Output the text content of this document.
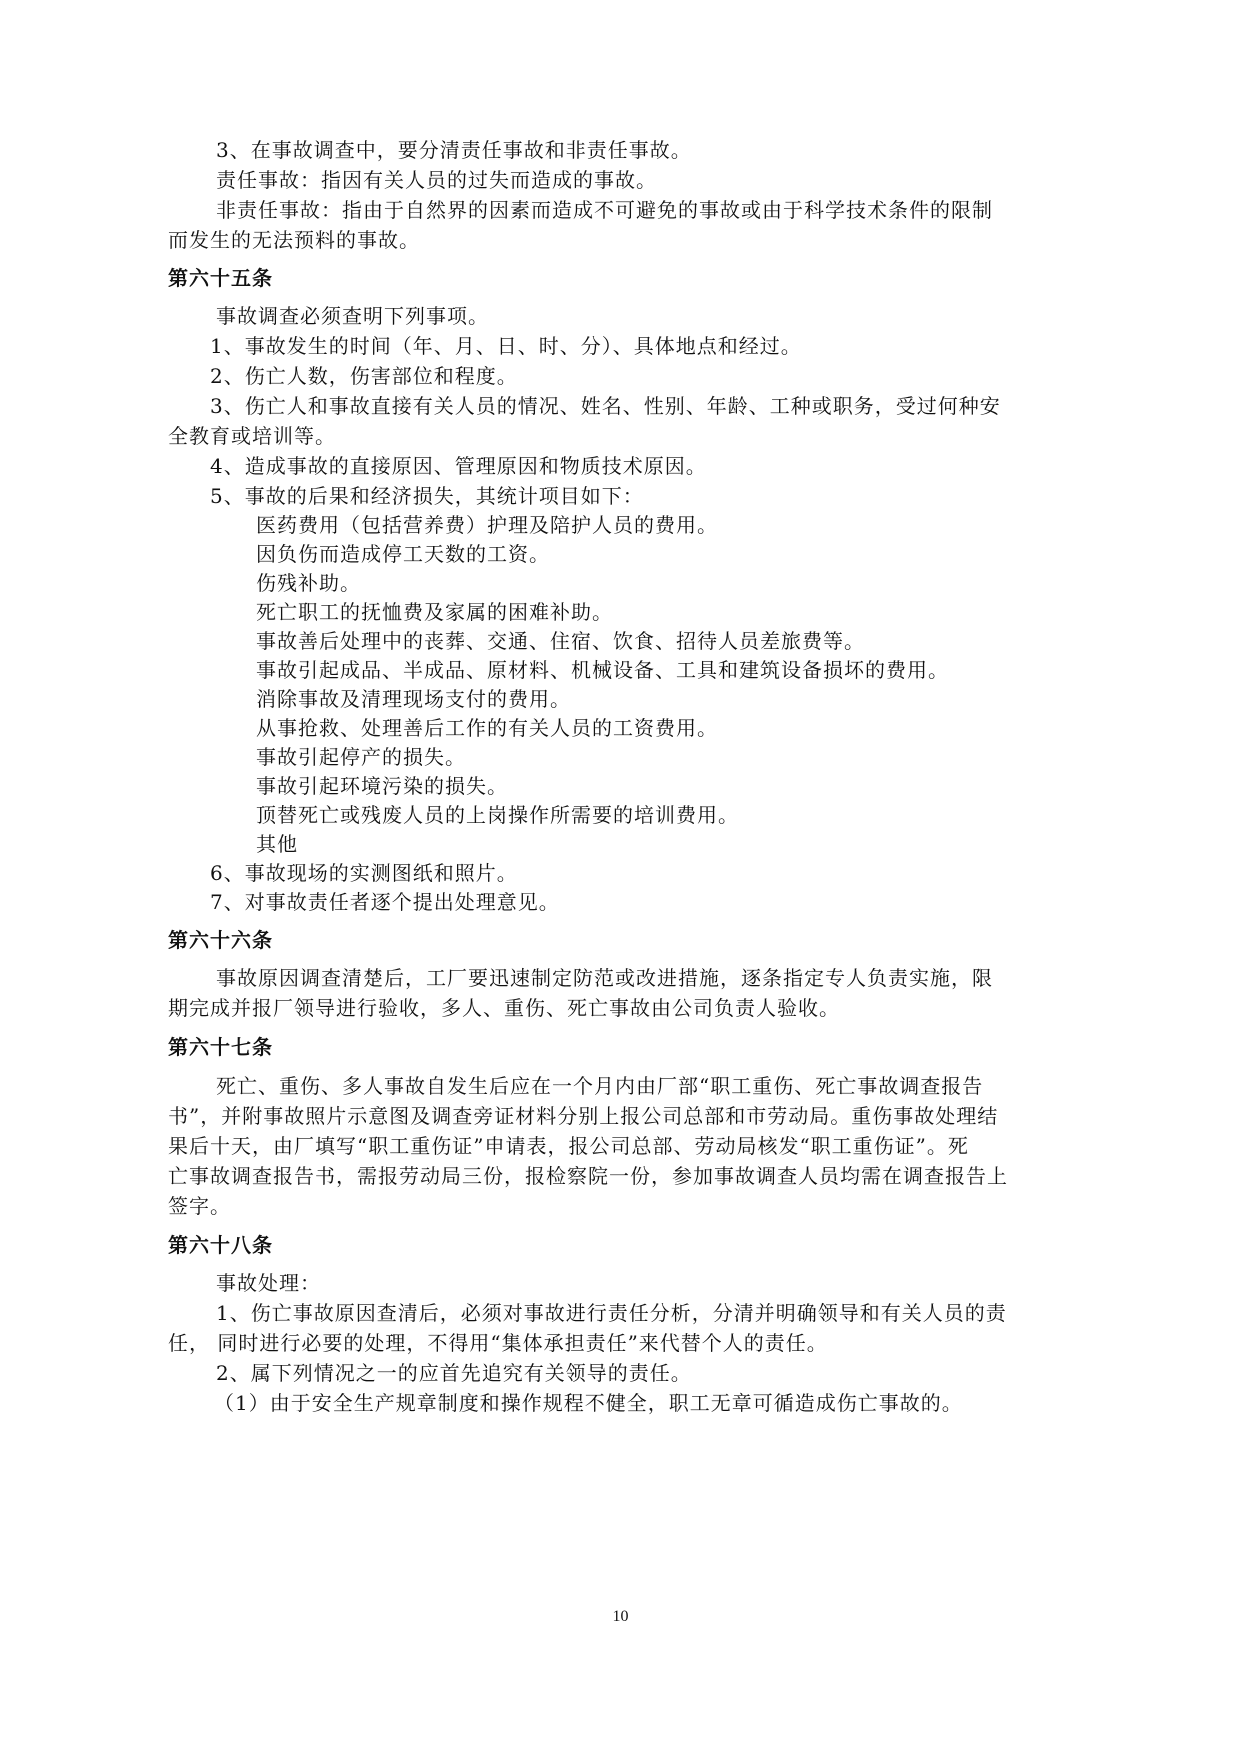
3、在事故调查中，要分清责任事故和非责任事故。
责任事故：指因有关人员的过失而造成的事故。
非责任事故：指由于自然界的因素而造成不可避免的事故或由于科学技术条件的限制
而发生的无法预料的事故。
第六十五条
事故调查必须查明下列事项。
1、事故发生的时间（年、月、日、时、分）、具体地点和经过。
2、伤亡人数，伤害部位和程度。
3、伤亡人和事故直接有关人员的情况、姓名、性别、年龄、工种或职务，受过何种安
全教育或培训等。
4、造成事故的直接原因、管理原因和物质技术原因。
5、事故的后果和经济损失，其统计项目如下：
医药费用（包括营养费）护理及陪护人员的费用。
因负伤而造成停工天数的工资。
伤残补助。
死亡职工的抚恤费及家属的困难补助。
事故善后处理中的丧葬、交通、住宿、饮食、招待人员差旅费等。
事故引起成品、半成品、原材料、机械设备、工具和建筑设备损坏的费用。
消除事故及清理现场支付的费用。
从事抢救、处理善后工作的有关人员的工资费用。
事故引起停产的损失。
事故引起环境污染的损失。
顶替死亡或残废人员的上岗操作所需要的培训费用。
其他
6、事故现场的实测图纸和照片。
7、对事故责任者逐个提出处理意见。
第六十六条
事故原因调查清楚后，工厂要迅速制定防范或改进措施，逐条指定专人负责实施，限
期完成并报厂领导进行验收，多人、重伤、死亡事故由公司负责人验收。
第六十七条
死亡、重伤、多人事故自发生后应在一个月内由厂部“职工重伤、死亡事故调查报告
书”，并附事故照片示意图及调查旁证材料分别上报公司总部和市劳动局。重伤事故处理结
果后十天，由厂填写“职工重伤证”申请表，报公司总部、劳动局核发“职工重伤证”。死
亡事故调查报告书，需报劳动局三份，报检察院一份，参加事故调查人员均需在调查报告上
签字。
第六十八条
事故处理：
1、伤亡事故原因查清后，必须对事故进行责任分析，分清并明确领导和有关人员的责
任， 同时进行必要的处理，不得用“集体承担责任”来代替个人的责任。
2、属下列情况之一的应首先追究有关领导的责任。
（1）由于安全生产规章制度和操作规程不健全，职工无章可循造成伤亡事故的。
10
